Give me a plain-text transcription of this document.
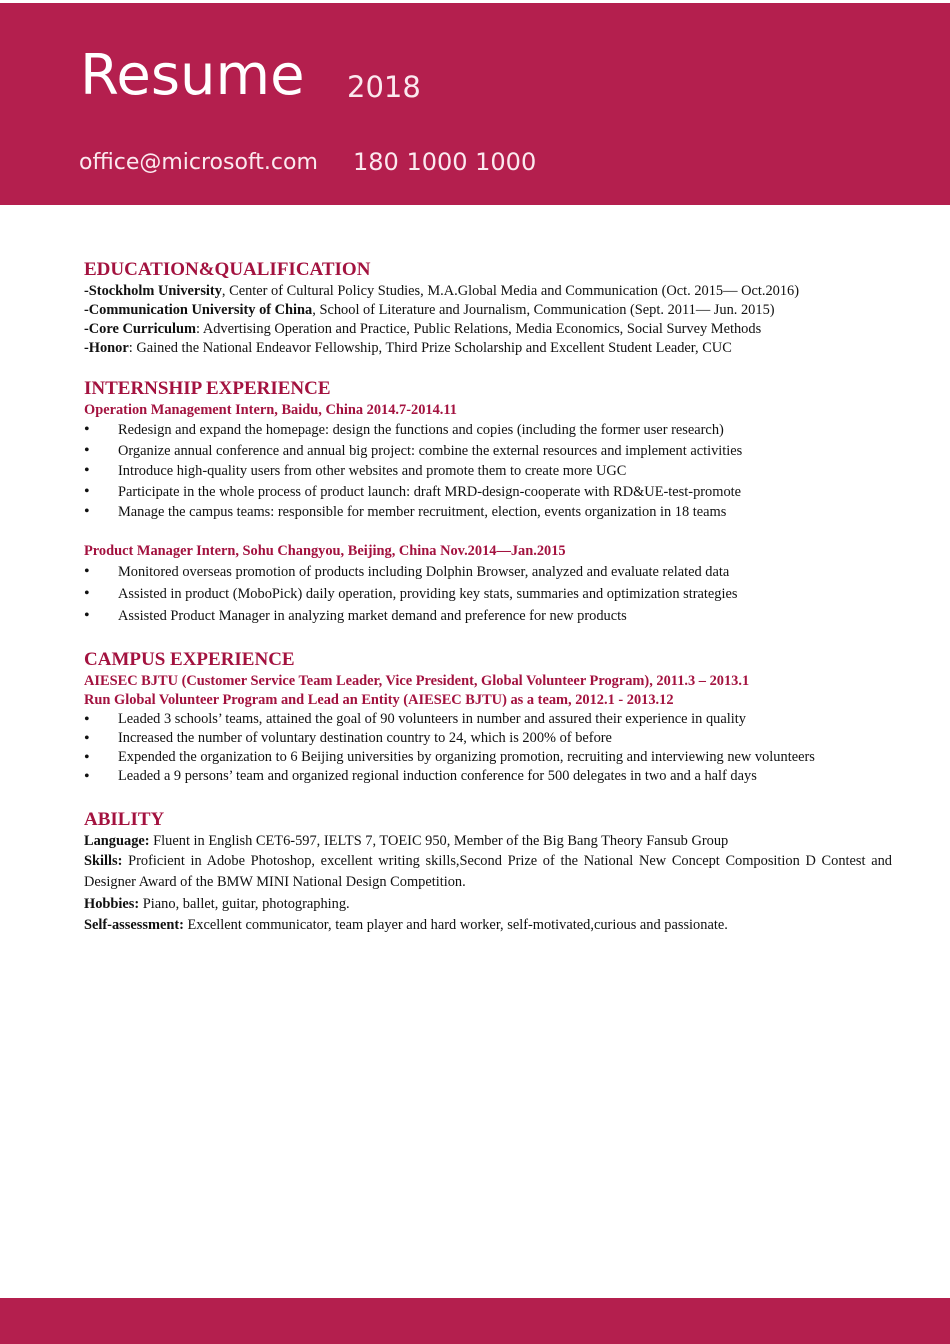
Resume 2018
office@microsoft.com 180 1000 1000
EDUCATION&QUALIFICATION

-Stockholm University, Center of Cultural Policy Studies, M.A.Global Media and Communication (Oct. 2015— Oct.2016)

-Communication University of China, School of Literature and Journalism, Communication (Sept. 2011— Jun. 2015)

-Core Curriculum: Advertising Operation and Practice, Public Relations, Media Economics, Social Survey Methods

-Honor: Gained the National Endeavor Fellowship, Third Prize Scholarship and Excellent Student Leader, CUC

INTERNSHIP EXPERIENCE

Operation Management Intern, Baidu, China 2014.7-2014.11

• Redesign and expand the homepage: design the functions and copies (including the former user research)
• Organize annual conference and annual big project: combine the external resources and implement activities
• Introduce high-quality users from other websites and promote them to create more UGC
• Participate in the whole process of product launch: draft MRD-design-cooperate with RD&UE-test-promote
• Manage the campus teams: responsible for member recruitment, election, events organization in 18 teams

Product Manager Intern, Sohu Changyou, Beijing, China Nov.2014—Jan.2015

• Monitored overseas promotion of products including Dolphin Browser, analyzed and evaluate related data
• Assisted in product (MoboPick) daily operation, providing key stats, summaries and optimization strategies
• Assisted Product Manager in analyzing market demand and preference for new products
CAMPUS EXPERIENCE

AIESEC BJTU (Customer Service Team Leader, Vice President, Global Volunteer Program), 2011.3 – 2013.1

Run Global Volunteer Program and Lead an Entity (AIESEC BJTU) as a team, 2012.1 - 2013.12

• Leaded 3 schools’ teams, attained the goal of 90 volunteers in number and assured their experience in quality
• Increased the number of voluntary destination country to 24, which is 200% of before
• Expended the organization to 6 Beijing universities by organizing promotion, recruiting and interviewing new volunteers
• Leaded a 9 persons’ team and organized regional induction conference for 500 delegates in two and a half days
ABILITY

Language: Fluent in English CET6-597, IELTS 7, TOEIC 950, Member of the Big Bang Theory Fansub Group

Skills: Proficient in Adobe Photoshop, excellent writing skills,Second Prize of the National New Concept Composition D Contest and Designer Award of the BMW MINI National Design Competition.

Hobbies: Piano, ballet, guitar, photographing.

Self-assessment: Excellent communicator, team player and hard worker, self-motivated,curious and passionate.
